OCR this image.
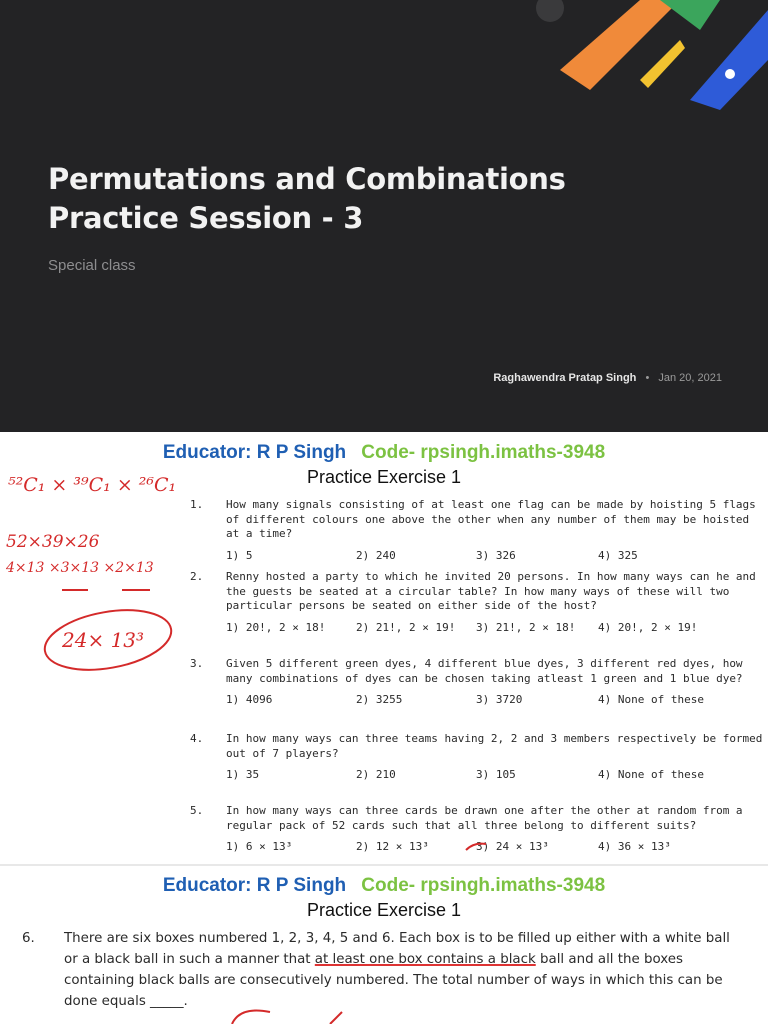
Permutations and Combinations
Practice Session - 3
Special class
Raghawendra Pratap Singh • Jan 20, 2021
Educator: R P Singh Code- rpsingh.imaths-3948
Practice Exercise 1
1.	How many signals consisting of at least one flag can be made by hoisting 5 flags of different colours one above the other when any number of them may be hoisted at a time?
1) 5	2) 240	3) 326	4) 325
2.	Renny hosted a party to which he invited 20 persons. In how many ways can he and the guests be seated at a circular table? In how many ways of these will two particular persons be seated on either side of the host?
1) 20!, 2 × 18!	2) 21!, 2 × 19! 3) 21!, 2 × 18! 4) 20!, 2 × 19!
3.	Given 5 different green dyes, 4 different blue dyes, 3 different red dyes, how many combinations of dyes can be chosen taking atleast 1 green and 1 blue dye?
1) 4096	2) 3255	3) 3720	4) None of these
4.	In how many ways can three teams having 2, 2 and 3 members respectively be formed out of 7 players?
1) 35	2) 210	3) 105	4) None of these
5.	In how many ways can three cards be drawn one after the other at random from a regular pack of 52 cards such that all three belong to different suits?
1) 6 × 13³	2) 12 × 13³	3) 24 × 13³	4) 36 × 13³
⁵²C₁ × ³⁹C₁ × ²⁶C₁
52×39×26
4×13 ×3×13 ×2×13
24× 13³
Educator: R P Singh Code- rpsingh.imaths-3948
Practice Exercise 1
6. There are six boxes numbered 1, 2, 3, 4, 5 and 6. Each box is to be filled up either with a white ball or a black ball in such a manner that at least one box contains a black ball and all the boxes containing black balls are consecutively numbered. The total number of ways in which this can be done equals _____.
